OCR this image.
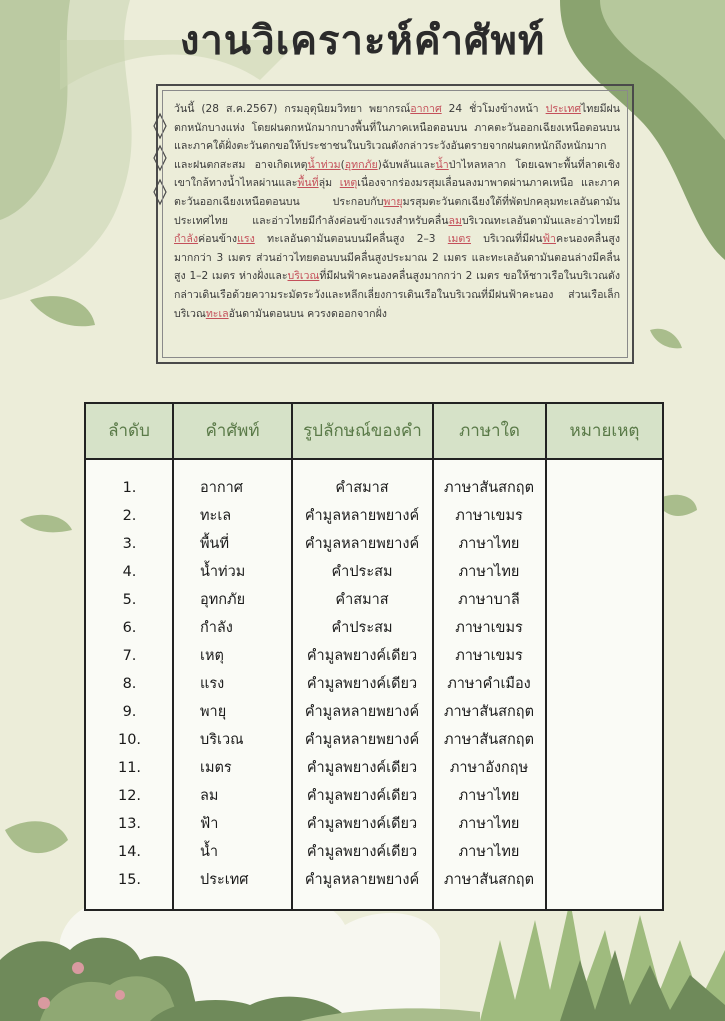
งานวิเคราะห์คำศัพท์
วันนี้ (28 ส.ค.2567) กรมอุตุนิยมวิทยา พยากรณ์อากาศ 24 ชั่วโมงข้างหน้า ประเทศไทยมีฝนตกหนักบางแห่ง โดยฝนตกหนักมากบางพื้นที่ในภาคเหนือตอนบน ภาคตะวันออกเฉียงเหนือตอนบน และภาคใต้ฝั่งตะวันตกขอให้ประชาชนในบริเวณดังกล่าวระวังอันตรายจากฝนตกหนักถึงหนักมากและฝนตกสะสม อาจเกิดเหตุน้ำท่วม(อุทกภัย)ฉับพลันและน้ำป่าไหลหลาก โดยเฉพาะพื้นที่ลาดเชิงเขาใกล้ทางน้ำไหลผ่านและพื้นที่ลุ่ม เหตุเนื่องจากร่องมรสุมเลื่อนลงมาพาดผ่านภาคเหนือ และภาคตะวันออกเฉียงเหนือตอนบน ประกอบกับพายุมรสุมตะวันตกเฉียงใต้ที่พัดปกคลุมทะเลอันดามัน ประเทศไทย และอ่าวไทยมีกำลังค่อนข้างแรงสำหรับคลื่นลมบริเวณทะเลอันดามันและอ่าวไทยมีกำลังค่อนข้างแรง ทะเลอันดามันตอนบนมีคลื่นสูง 2–3 เมตร บริเวณที่มีฝนฟ้าคะนองคลื่นสูงมากกว่า 3 เมตร ส่วนอ่าวไทยตอนบนมีคลื่นสูงประมาณ 2 เมตร และทะเลอันดามันตอนล่างมีคลื่นสูง 1–2 เมตร ห่างฝั่งและบริเวณที่มีฝนฟ้าคะนองคลื่นสูงมากกว่า 2 เมตร ขอให้ชาวเรือในบริเวณดังกล่าวเดินเรือด้วยความระมัดระวังและหลีกเลี่ยงการเดินเรือในบริเวณที่มีฝนฟ้าคะนอง ส่วนเรือเล็กบริเวณทะเลอันดามันตอนบน ควรงดออกจากฝั่ง
ลำดับ	คำศัพท์	รูปลักษณ์ของคำ	ภาษาใด	หมายเหตุ
1.	อากาศ	คำสมาส	ภาษาสันสกฤต
2.	ทะเล	คำมูลหลายพยางค์	ภาษาเขมร
3.	พื้นที่	คำมูลหลายพยางค์	ภาษาไทย
4.	น้ำท่วม	คำประสม	ภาษาไทย
5.	อุทกภัย	คำสมาส	ภาษาบาลี
6.	กำลัง	คำประสม	ภาษาเขมร
7.	เหตุ	คำมูลพยางค์เดียว	ภาษาเขมร
8.	แรง	คำมูลพยางค์เดียว	ภาษาคำเมือง
9.	พายุ	คำมูลหลายพยางค์	ภาษาสันสกฤต
10.	บริเวณ	คำมูลหลายพยางค์	ภาษาสันสกฤต
11.	เมตร	คำมูลพยางค์เดียว	ภาษาอังกฤษ
12.	ลม	คำมูลพยางค์เดียว	ภาษาไทย
13.	ฟ้า	คำมูลพยางค์เดียว	ภาษาไทย
14.	น้ำ	คำมูลพยางค์เดียว	ภาษาไทย
15.	ประเทศ	คำมูลหลายพยางค์	ภาษาสันสกฤต
